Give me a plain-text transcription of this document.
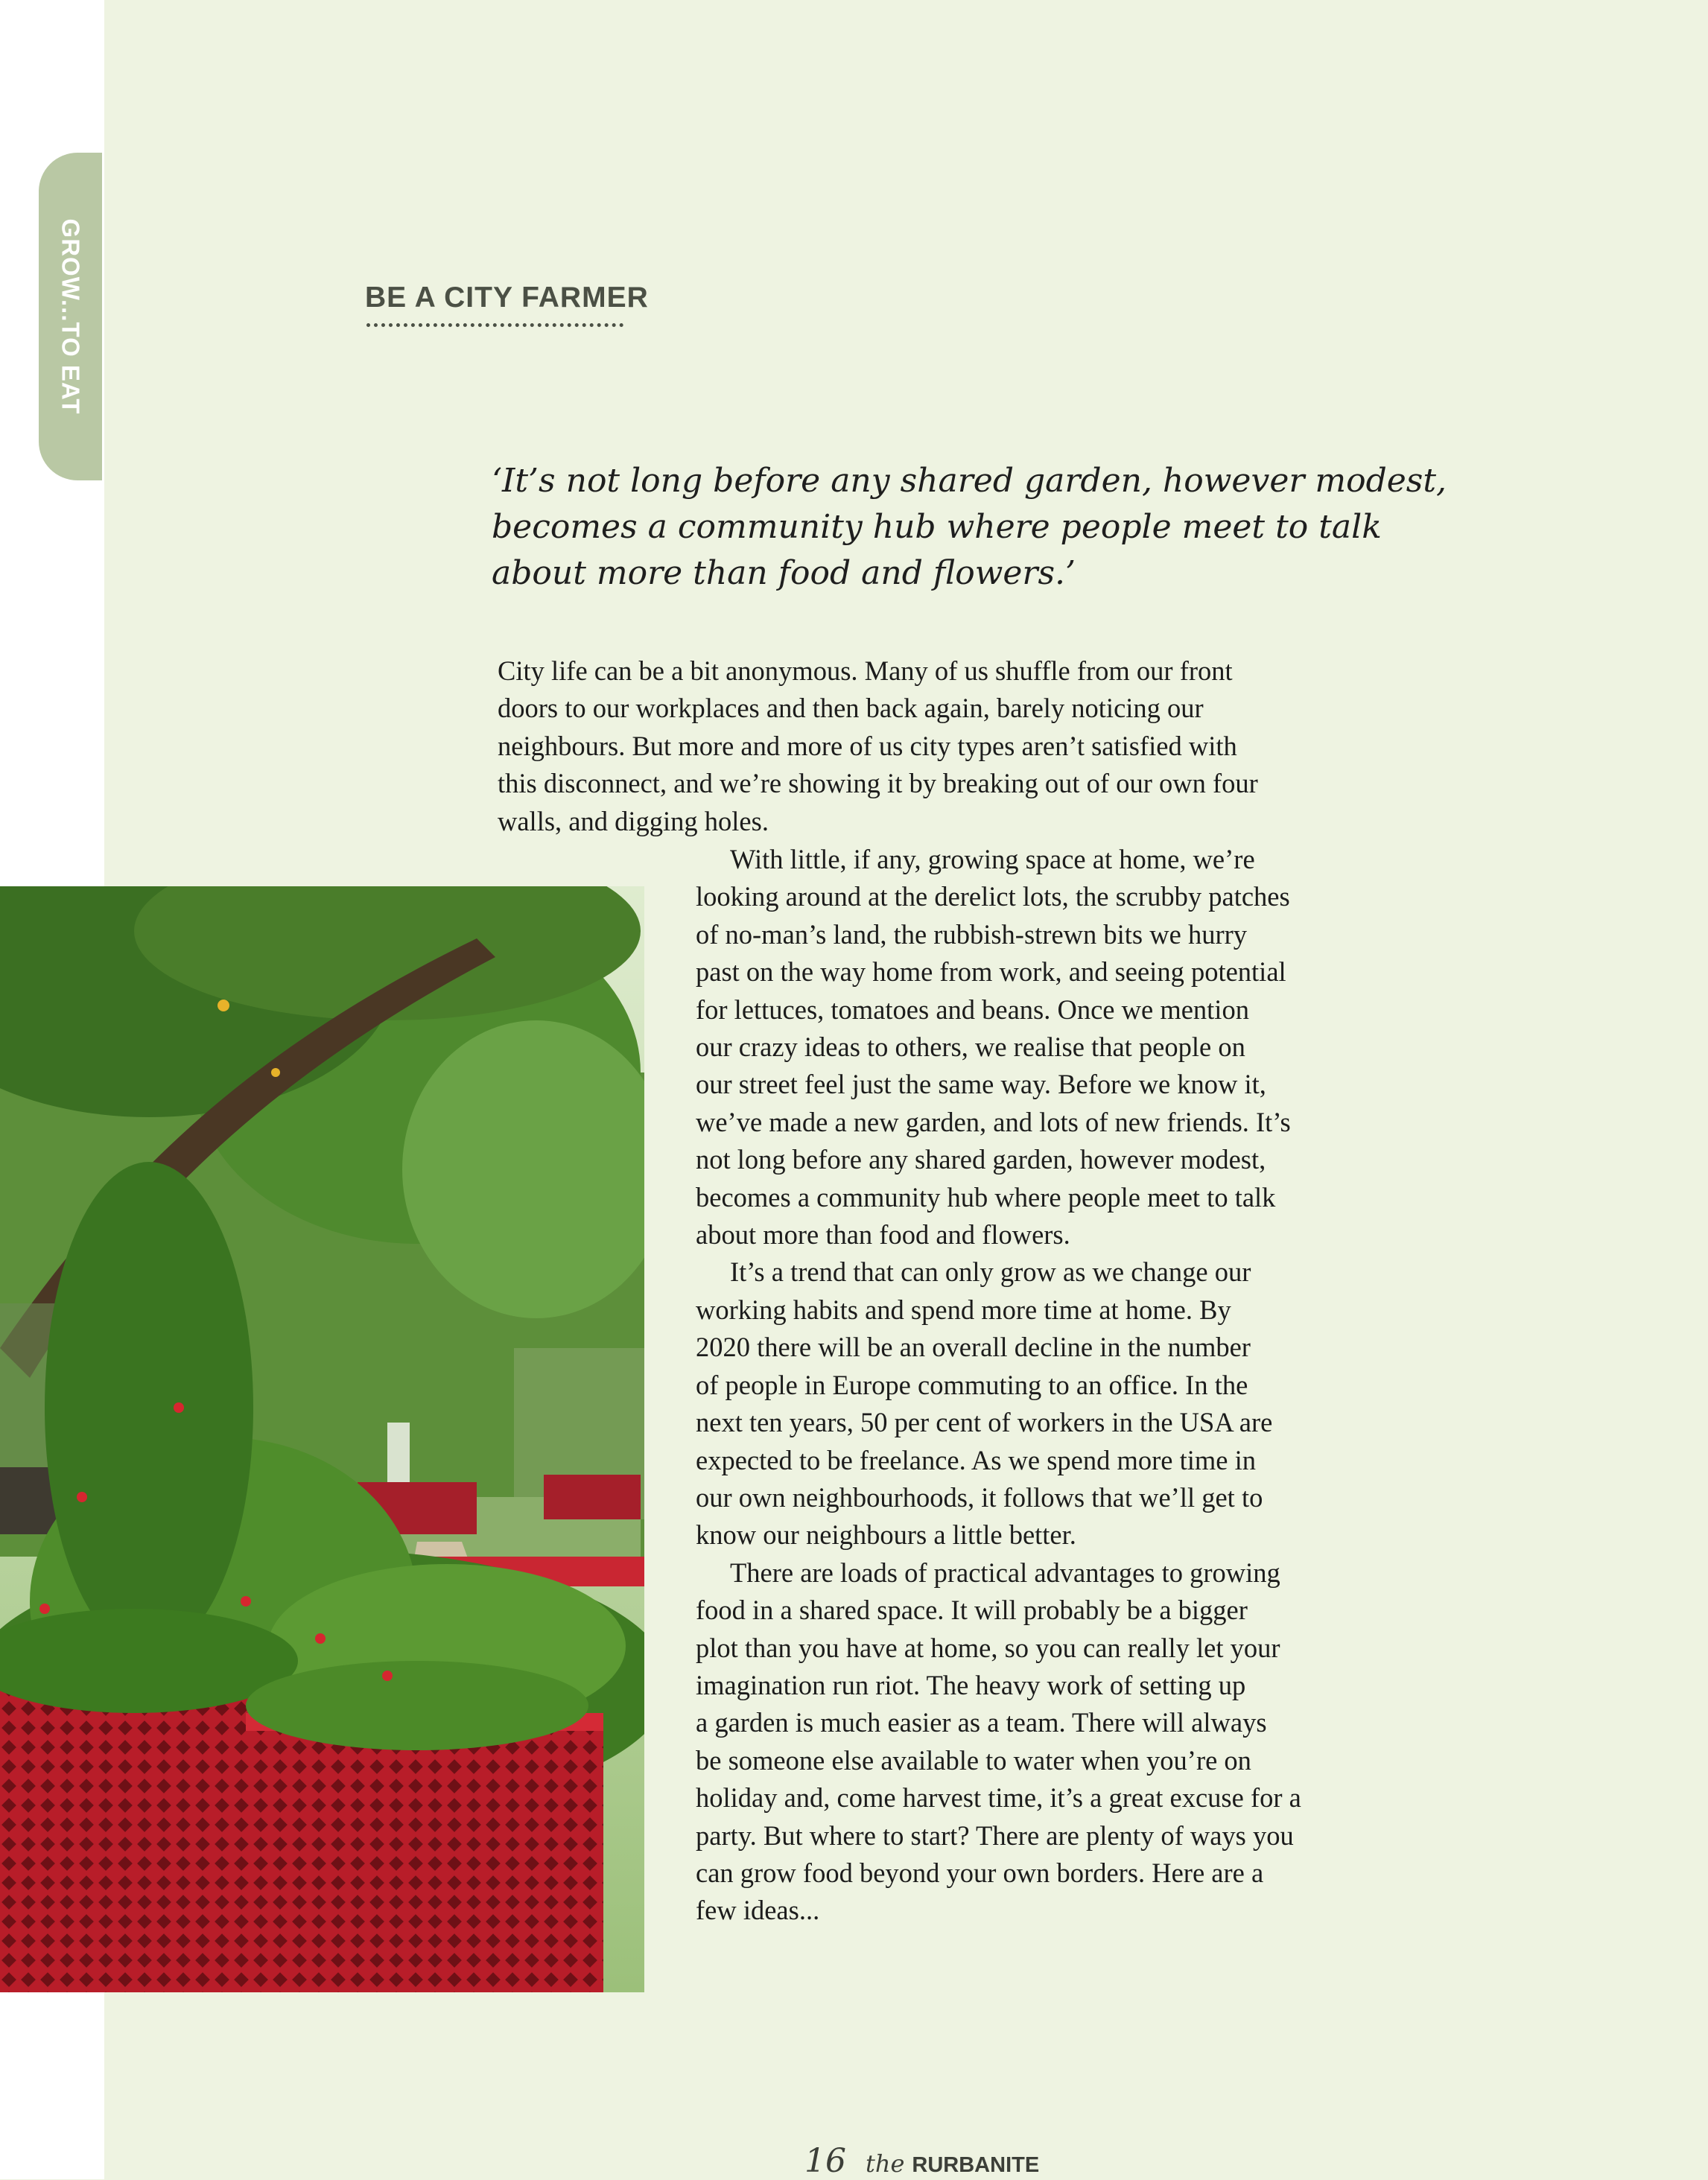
GROW...TO EAT	BE A CITY FARMER
‘It’s not long before any shared garden, however modest,
becomes a community hub where people meet to talk
about more than food and flowers.’
City life can be a bit anonymous. Many of us shuffle from our front
doors to our workplaces and then back again, barely noticing our
neighbours. But more and more of us city types aren’t satisfied with
this disconnect, and we’re showing it by breaking out of our own four
walls, and digging holes.
With little, if any, growing space at home, we’re
looking around at the derelict lots, the scrubby patches
of no-man’s land, the rubbish-strewn bits we hurry
past on the way home from work, and seeing potential
for lettuces, tomatoes and beans. Once we mention
our crazy ideas to others, we realise that people on
our street feel just the same way. Before we know it,
we’ve made a new garden, and lots of new friends. It’s
not long before any shared garden, however modest,
becomes a community hub where people meet to talk
about more than food and flowers.
It’s a trend that can only grow as we change our
working habits and spend more time at home. By
2020 there will be an overall decline in the number
of people in Europe commuting to an office. In the
next ten years, 50 per cent of workers in the USA are
expected to be freelance. As we spend more time in
our own neighbourhoods, it follows that we’ll get to
know our neighbours a little better.
There are loads of practical advantages to growing
food in a shared space. It will probably be a bigger
plot than you have at home, so you can really let your
imagination run riot. The heavy work of setting up
a garden is much easier as a team. There will always
be someone else available to water when you’re on
holiday and, come harvest time, it’s a great excuse for a
party. But where to start? There are plenty of ways you
can grow food beyond your own borders. Here are a
few ideas...
16 the RURBANITE
